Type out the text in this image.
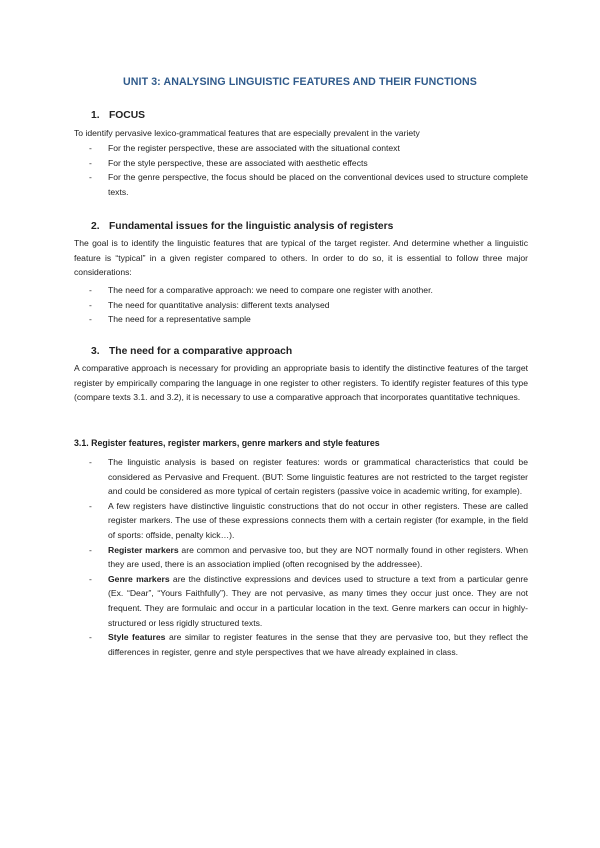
UNIT 3: ANALYSING LINGUISTIC FEATURES AND THEIR FUNCTIONS
1. FOCUS
To identify pervasive lexico-grammatical features that are especially prevalent in the variety
- For the register perspective, these are associated with the situational context
- For the style perspective, these are associated with aesthetic effects
- For the genre perspective, the focus should be placed on the conventional devices used to structure complete texts.
2. Fundamental issues for the linguistic analysis of registers
The goal is to identify the linguistic features that are typical of the target register. And determine whether a linguistic feature is “typical” in a given register compared to others. In order to do so, it is essential to follow three major considerations:
- The need for a comparative approach: we need to compare one register with another.
- The need for quantitative analysis: different texts analysed
- The need for a representative sample
3. The need for a comparative approach
A comparative approach is necessary for providing an appropriate basis to identify the distinctive features of the target register by empirically comparing the language in one register to other registers. To identify register features of this type (compare texts 3.1. and 3.2), it is necessary to use a comparative approach that incorporates quantitative techniques.
3.1. Register features, register markers, genre markers and style features
- The linguistic analysis is based on register features: words or grammatical characteristics that could be considered as Pervasive and Frequent. (BUT: Some linguistic features are not restricted to the target register and could be considered as more typical of certain registers (passive voice in academic writing, for example).
- A few registers have distinctive linguistic constructions that do not occur in other registers. These are called register markers. The use of these expressions connects them with a certain register (for example, in the field of sports: offside, penalty kick…).
- Register markers are common and pervasive too, but they are NOT normally found in other registers. When they are used, there is an association implied (often recognised by the addressee).
- Genre markers are the distinctive expressions and devices used to structure a text from a particular genre (Ex. “Dear”, “Yours Faithfully”). They are not pervasive, as many times they occur just once. They are not frequent. They are formulaic and occur in a particular location in the text. Genre markers can occur in highly-structured or less rigidly structured texts.
- Style features are similar to register features in the sense that they are pervasive too, but they reflect the differences in register, genre and style perspectives that we have already explained in class.
